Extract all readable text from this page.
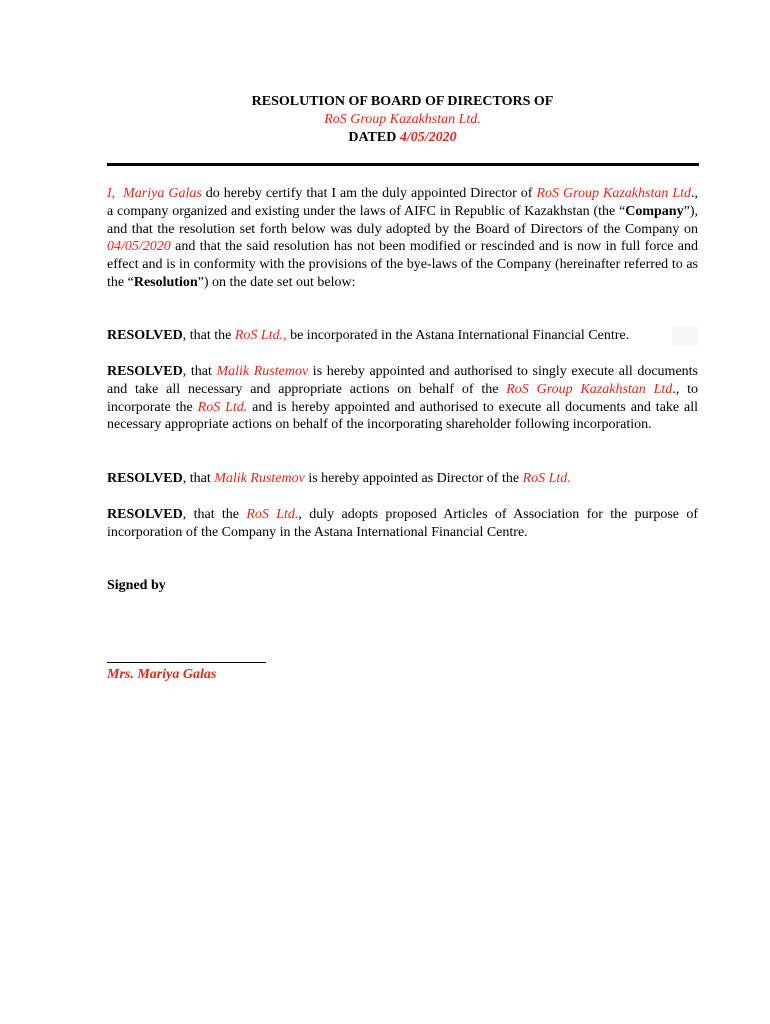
RESOLUTION OF BOARD OF DIRECTORS OF
RoS Group Kazakhstan Ltd.
DATED 4/05/2020

I, Mariya Galas do hereby certify that I am the duly appointed Director of RoS Group Kazakhstan Ltd., a company organized and existing under the laws of AIFC in Republic of Kazakhstan (the “Company”), and that the resolution set forth below was duly adopted by the Board of Directors of the Company on 04/05/2020 and that the said resolution has not been modified or rescinded and is now in full force and effect and is in conformity with the provisions of the bye-laws of the Company (hereinafter referred to as the “Resolution”) on the date set out below:

RESOLVED, that the RoS Ltd., be incorporated in the Astana International Financial Centre.

RESOLVED, that Malik Rustemov is hereby appointed and authorised to singly execute all documents and take all necessary and appropriate actions on behalf of the RoS Group Kazakhstan Ltd., to incorporate the RoS Ltd. and is hereby appointed and authorised to execute all documents and take all necessary appropriate actions on behalf of the incorporating shareholder following incorporation.

RESOLVED, that Malik Rustemov is hereby appointed as Director of the RoS Ltd.

RESOLVED, that the RoS Ltd., duly adopts proposed Articles of Association for the purpose of incorporation of the Company in the Astana International Financial Centre.

Signed by
Mrs. Mariya Galas
